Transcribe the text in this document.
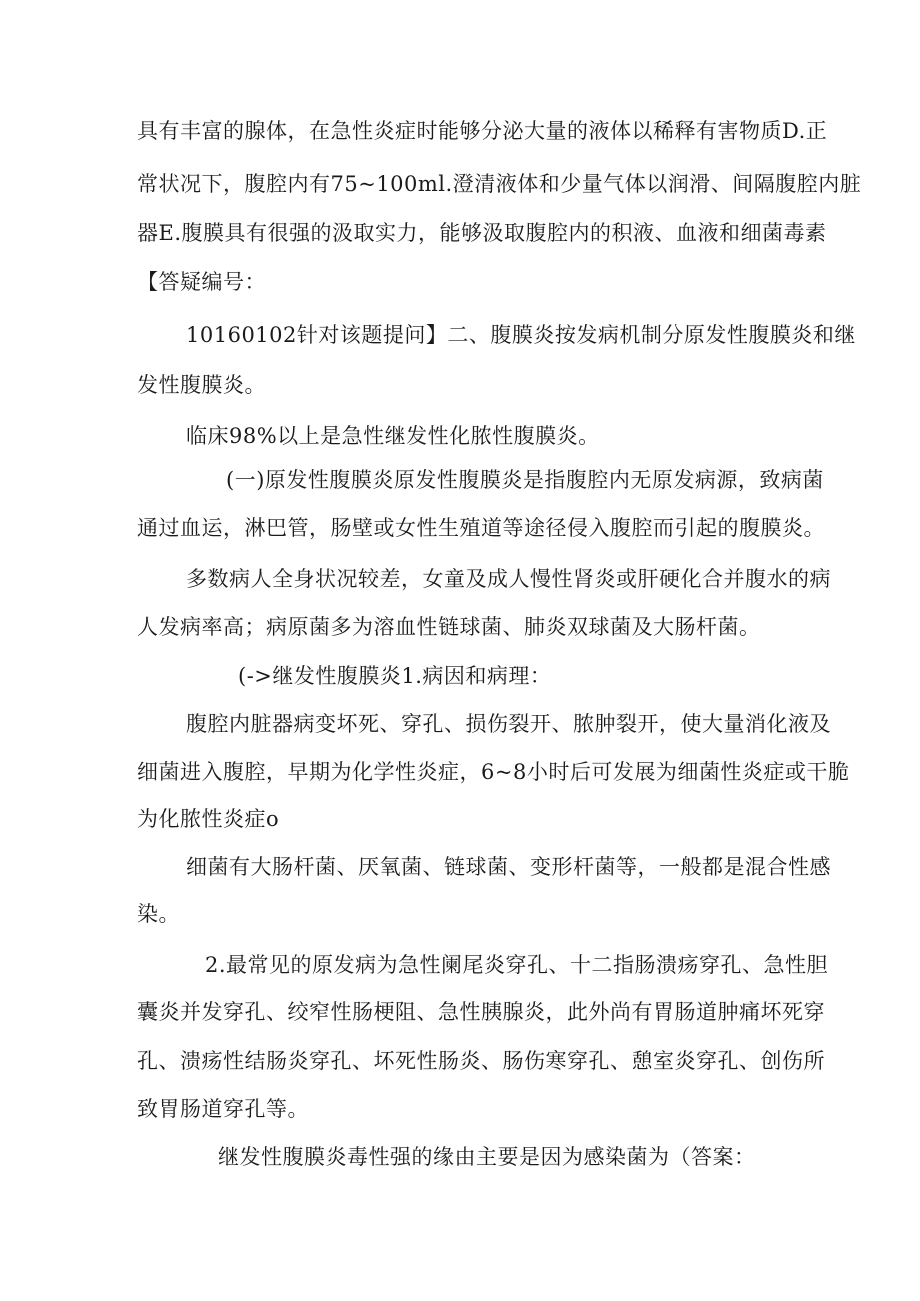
具有丰富的腺体，在急性炎症时能够分泌大量的液体以稀释有害物质D.正
常状况下，腹腔内有75~100ml.澄清液体和少量气体以润滑、间隔腹腔内脏
器E.腹膜具有很强的汲取实力，能够汲取腹腔内的积液、血液和细菌毒素
【答疑编号：
10160102针对该题提问】二、腹膜炎按发病机制分原发性腹膜炎和继
发性腹膜炎。
临床98%以上是急性继发性化脓性腹膜炎。
(一)原发性腹膜炎原发性腹膜炎是指腹腔内无原发病源，致病菌
通过血运，淋巴管，肠壁或女性生殖道等途径侵入腹腔而引起的腹膜炎。
多数病人全身状况较差，女童及成人慢性肾炎或肝硬化合并腹水的病
人发病率高；病原菌多为溶血性链球菌、肺炎双球菌及大肠杆菌。
(->继发性腹膜炎1.病因和病理：
腹腔内脏器病变坏死、穿孔、损伤裂开、脓肿裂开，使大量消化液及
细菌进入腹腔，早期为化学性炎症，6~8小时后可发展为细菌性炎症或干脆
为化脓性炎症o
细菌有大肠杆菌、厌氧菌、链球菌、变形杆菌等，一般都是混合性感
染。
2.最常见的原发病为急性阑尾炎穿孔、十二指肠溃疡穿孔、急性胆
囊炎并发穿孔、绞窄性肠梗阻、急性胰腺炎，此外尚有胃肠道肿痛坏死穿
孔、溃疡性结肠炎穿孔、坏死性肠炎、肠伤寒穿孔、憩室炎穿孔、创伤所
致胃肠道穿孔等。
继发性腹膜炎毒性强的缘由主要是因为感染菌为（答案：
